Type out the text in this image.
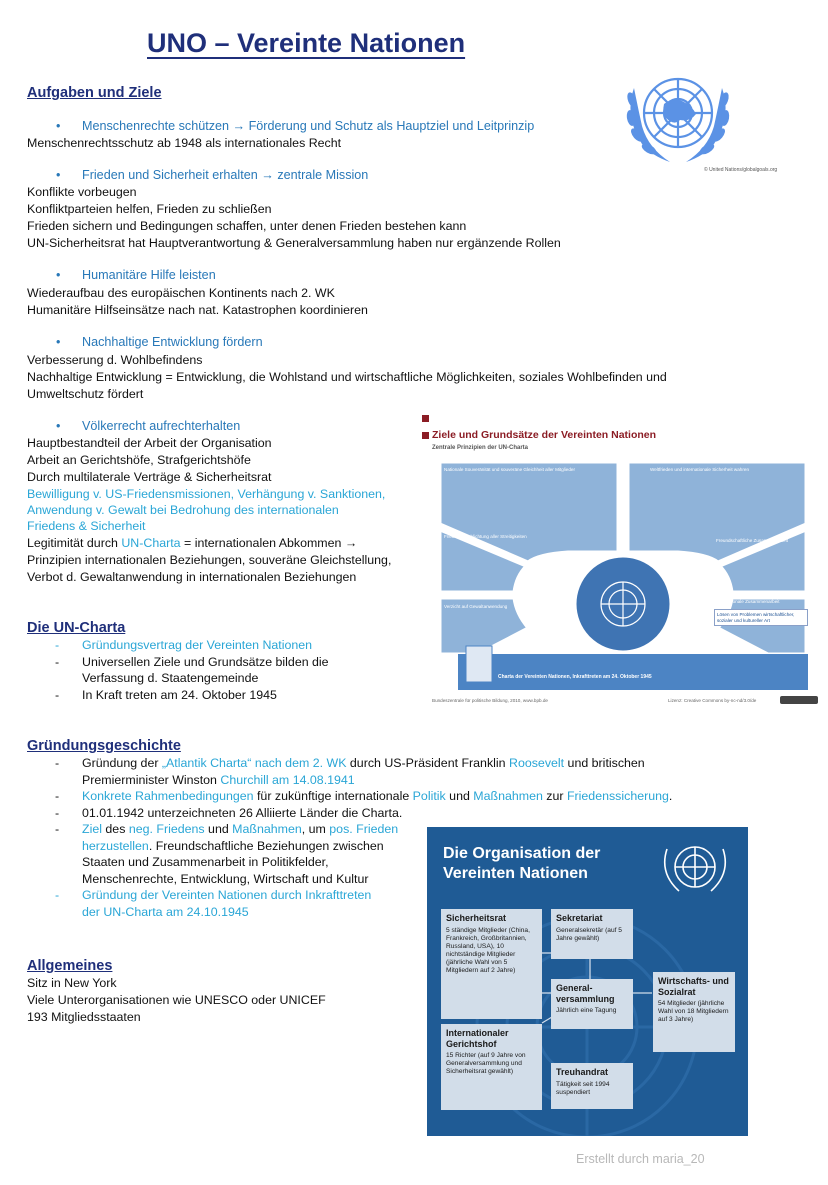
UNO – Vereinte Nationen
© United Nations/globalgoals.org
Aufgaben und Ziele
• Menschenrechte schützen → Förderung und Schutz als Hauptziel und Leitprinzip
Menschenrechtsschutz ab 1948 als internationales Recht
• Frieden und Sicherheit erhalten → zentrale Mission
Konflikte vorbeugen
Konfliktparteien helfen, Frieden zu schließen
Frieden sichern und Bedingungen schaffen, unter denen Frieden bestehen kann
UN-Sicherheitsrat hat Hauptverantwortung & Generalversammlung haben nur ergänzende Rollen
• Humanitäre Hilfe leisten
Wiederaufbau des europäischen Kontinents nach 2. WK
Humanitäre Hilfseinsätze nach nat. Katastrophen koordinieren
• Nachhaltige Entwicklung fördern
Verbesserung d. Wohlbefindens
Nachhaltige Entwicklung = Entwicklung, die Wohlstand und wirtschaftliche Möglichkeiten, soziales Wohlbefinden und
Umweltschutz fördert
• Völkerrecht aufrechterhalten
Hauptbestandteil der Arbeit der Organisation
Arbeit an Gerichtshöfe, Strafgerichtshöfe
Durch multilaterale Verträge & Sicherheitsrat
Bewilligung v. US-Friedensmissionen, Verhängung v. Sanktionen,
Anwendung v. Gewalt bei Bedrohung des internationalen
Friedens & Sicherheit
Legitimität durch UN-Charta = internationalen Abkommen →
Prinzipien internationalen Beziehungen, souveräne Gleichstellung,
Verbot d. Gewaltanwendung in internationalen Beziehungen
Ziele und Grundsätze der Vereinten Nationen
Zentrale Prinzipien der UN-Charta
Nationale Souveränität und souveräne Gleichheit aller Mitglieder	Weltfrieden und internationale Sicherheit wahren
Friedliche Schlichtung aller Streitigkeiten
Freundschaftliche Zusammenarbeit
Verzicht auf Gewaltanwendung
Internationale Zusammenarbeit
Lösen von Problemen wirtschaftlicher, sozialer und kultureller Art
Charta der Vereinten Nationen, Inkrafttreten am 24. Oktober 1945
Bundeszentrale für politische Bildung, 2010, www.bpb.de	Lizenz: Creative Commons by-nc-nd/3.0/de
Die UN-Charta
- Gründungsvertrag der Vereinten Nationen
- Universellen Ziele und Grundsätze bilden die
Verfassung d. Staatengemeinde
- In Kraft treten am 24. Oktober 1945
Gründungsgeschichte
- Gründung der „Atlantik Charta“ nach dem 2. WK durch US-Präsident Franklin Roosevelt und britischen
Premierminister Winston Churchill am 14.08.1941
- Konkrete Rahmenbedingungen für zukünftige internationale Politik und Maßnahmen zur Friedenssicherung.
- 01.01.1942 unterzeichneten 26 Alliierte Länder die Charta.
- Ziel des neg. Friedens und Maßnahmen, um pos. Frieden
herzustellen. Freundschaftliche Beziehungen zwischen
Staaten und Zusammenarbeit in Politikfelder,
Menschenrechte, Entwicklung, Wirtschaft und Kultur
- Gründung der Vereinten Nationen durch Inkrafttreten
der UN-Charta am 24.10.1945
Allgemeines
Sitz in New York
Viele Unterorganisationen wie UNESCO oder UNICEF
193 Mitgliedsstaaten
Die Organisation der
Vereinten Nationen
Sicherheitsrat
5 ständige Mitglieder (China, Frankreich, Großbritannien, Russland, USA), 10 nichtständige Mitglieder (jährliche Wahl von 5 Mitgliedern auf 2 Jahre)
Sekretariat
Generalsekretär (auf 5 Jahre gewählt)
General-versammlung
Jährlich eine Tagung
Wirtschafts- und Sozialrat
54 Mitglieder (jährliche Wahl von 18 Mitgliedern auf 3 Jahre)
Internationaler Gerichtshof
15 Richter (auf 9 Jahre von Generalversammlung und Sicherheitsrat gewählt)	Treuhandrat
Tätigkeit seit 1994 suspendiert
Erstellt durch maria_20
